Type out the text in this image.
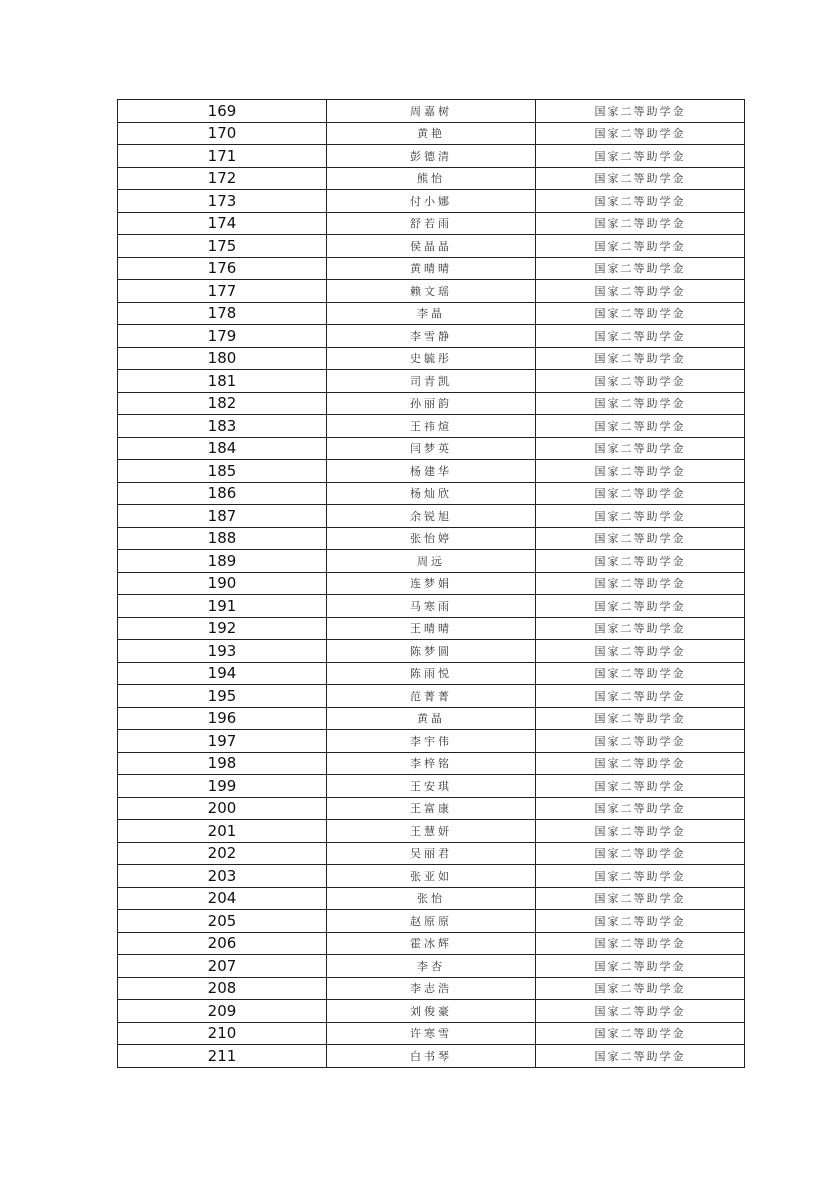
169	周嘉树	国家二等助学金
170	黄艳	国家二等助学金
171	彭德清	国家二等助学金
172	熊怡	国家二等助学金
173	付小娜	国家二等助学金
174	舒若雨	国家二等助学金
175	侯晶晶	国家二等助学金
176	黄晴晴	国家二等助学金
177	赖文瑶	国家二等助学金
178	李晶	国家二等助学金
179	李雪静	国家二等助学金
180	史毓彤	国家二等助学金
181	司青凯	国家二等助学金
182	孙丽韵	国家二等助学金
183	王祎煊	国家二等助学金
184	闫梦英	国家二等助学金
185	杨建华	国家二等助学金
186	杨灿欣	国家二等助学金
187	余锐旭	国家二等助学金
188	张怡婷	国家二等助学金
189	周远	国家二等助学金
190	连梦娟	国家二等助学金
191	马寒雨	国家二等助学金
192	王晴晴	国家二等助学金
193	陈梦圆	国家二等助学金
194	陈雨悦	国家二等助学金
195	范菁菁	国家二等助学金
196	黄晶	国家二等助学金
197	李宇伟	国家二等助学金
198	李梓铭	国家二等助学金
199	王安琪	国家二等助学金
200	王富康	国家二等助学金
201	王慧妍	国家二等助学金
202	吴丽君	国家二等助学金
203	张亚如	国家二等助学金
204	张怡	国家二等助学金
205	赵原原	国家二等助学金
206	霍冰辉	国家二等助学金
207	李杏	国家二等助学金
208	李志浩	国家二等助学金
209	刘俊豪	国家二等助学金
210	许寒雪	国家二等助学金
211	白书琴	国家二等助学金
